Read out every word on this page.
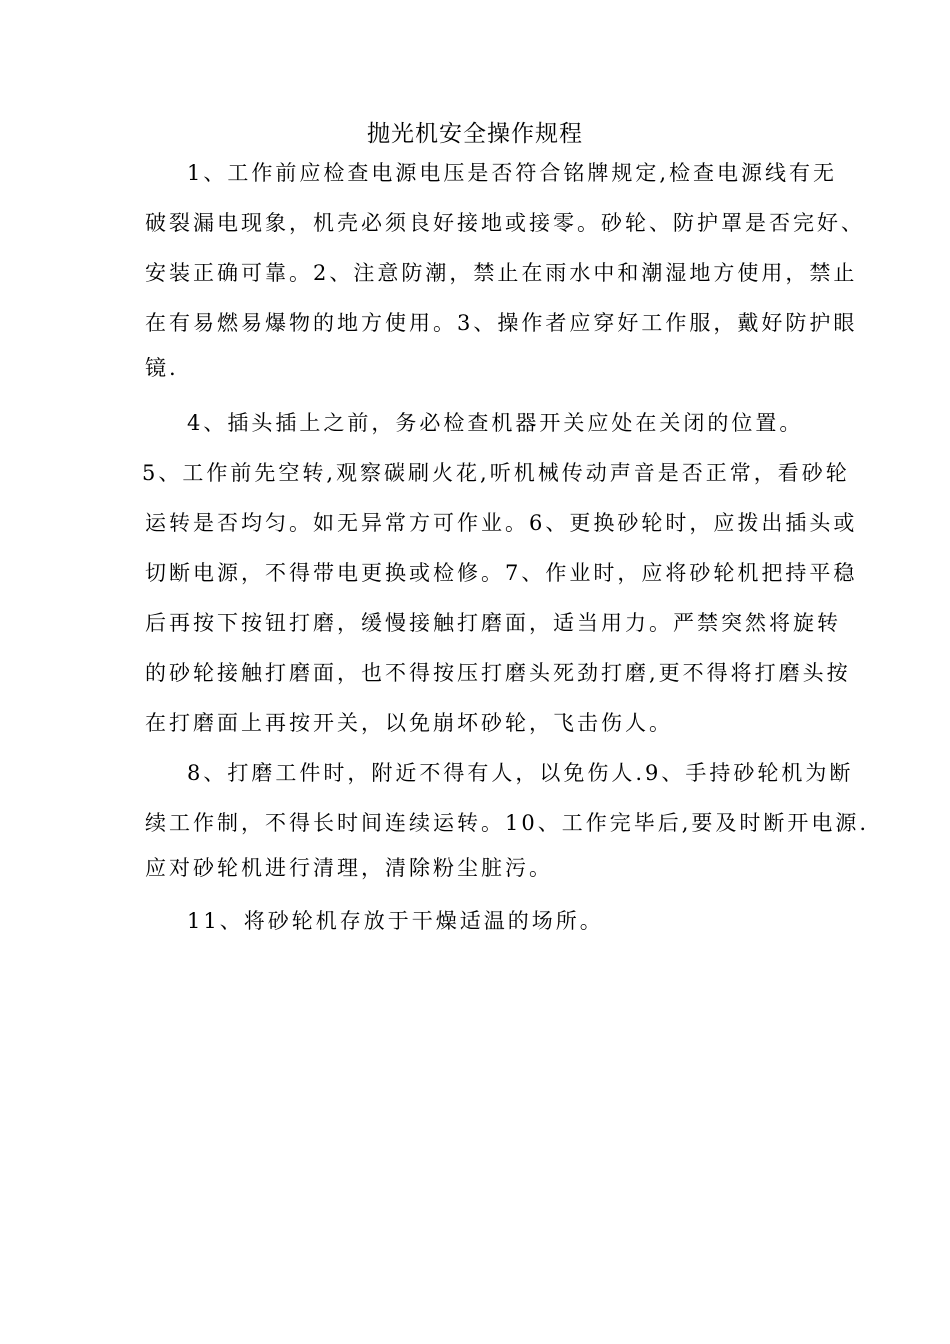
抛光机安全操作规程
1、工作前应检查电源电压是否符合铭牌规定,检查电源线有无
破裂漏电现象，机壳必须良好接地或接零。砂轮、防护罩是否完好、
安装正确可靠。2、注意防潮，禁止在雨水中和潮湿地方使用，禁止
在有易燃易爆物的地方使用。3、操作者应穿好工作服，戴好防护眼
镜.
4、插头插上之前，务必检查机器开关应处在关闭的位置。
5、工作前先空转,观察碳刷火花,听机械传动声音是否正常，看砂轮
运转是否均匀。如无异常方可作业。6、更换砂轮时，应拨出插头或
切断电源，不得带电更换或检修。7、作业时，应将砂轮机把持平稳
后再按下按钮打磨，缓慢接触打磨面，适当用力。严禁突然将旋转
的砂轮接触打磨面，也不得按压打磨头死劲打磨,更不得将打磨头按
在打磨面上再按开关，以免崩坏砂轮，飞击伤人。
8、打磨工件时，附近不得有人，以免伤人.9、手持砂轮机为断
续工作制，不得长时间连续运转。10、工作完毕后,要及时断开电源.
应对砂轮机进行清理，清除粉尘脏污。
11、将砂轮机存放于干燥适温的场所。
